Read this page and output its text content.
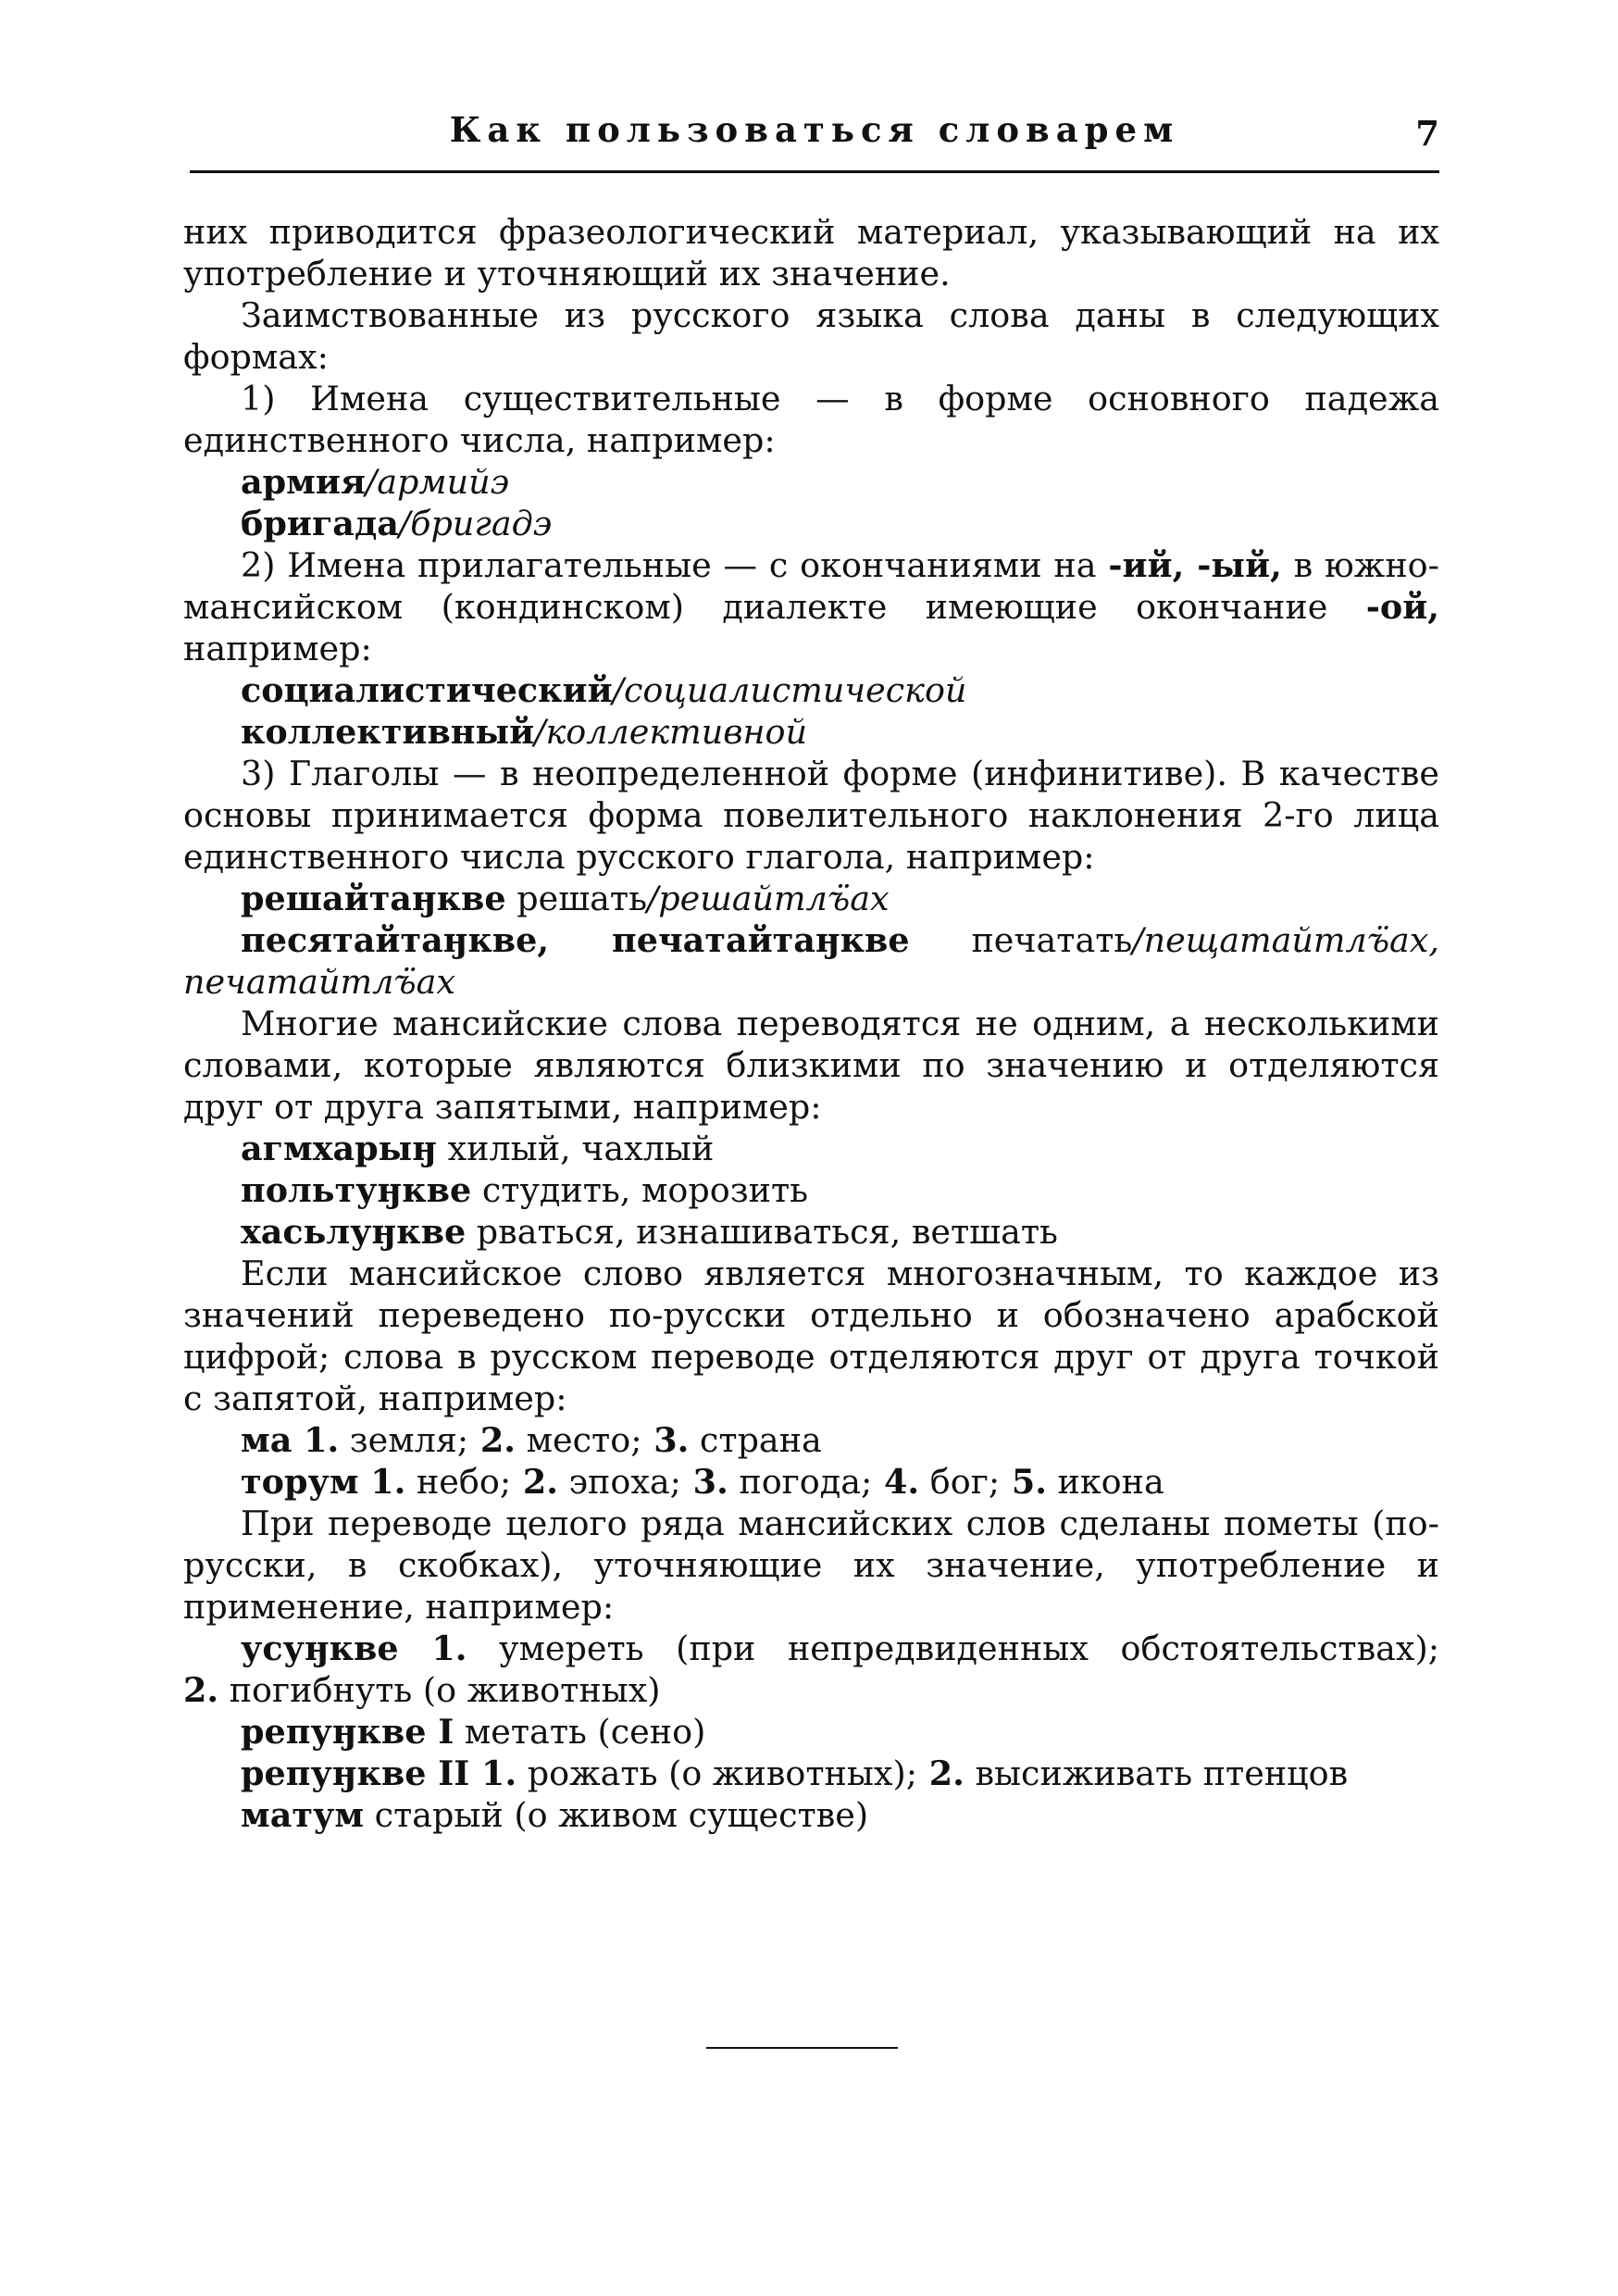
Как пользоваться словарем	7

них приводится фразеологический материал, указывающий на их употребление и уточняющий их значение.

Заимствованные из русского языка слова даны в следующих формах:

1) Имена существительные — в форме основного падежа единственного числа, например:

армия/армийэ

бригада/бригадэ

2) Имена прилагательные — с окончаниями на -ий, -ый, в южно-мансийском (кондинском) диалекте имеющие окончание -ой, например:

социалистический/социалистической

коллективный/коллективной

3) Глаголы — в неопределенной форме (инфинитиве). В качестве основы принимается форма повелительного наклонения 2-го лица единственного числа русского глагола, например:

решайтаӈкве решать/решайтлъ̈ах

песятайтаӈкве, печатайтаӈкве печатать/пещатайтлъ̈ах,

печатайтлъ̈ах

Многие мансийские слова переводятся не одним, а несколькими словами, которые являются близкими по значению и отделяются друг от друга запятыми, например:

агмхарыӈ хилый, чахлый

польтуӈкве студить, морозить

хасьлуӈкве рваться, изнашиваться, ветшать

Если мансийское слово является многозначным, то каждое из значений переведено по-русски отдельно и обозначено арабской цифрой; слова в русском переводе отделяются друг от друга точкой с запятой, например:

ма 1. земля; 2. место; 3. страна

торум 1. небо; 2. эпоха; 3. погода; 4. бог; 5. икона

При переводе целого ряда мансийских слов сделаны пометы (по-русски, в скобках), уточняющие их значение, употребление и применение, например:

усуӈкве 1. умереть (при непредвиденных обстоятельствах);

2. погибнуть (о животных)

репуӈкве I метать (сено)

репуӈкве II 1. рожать (о животных); 2. высиживать птенцов

матум старый (о живом существе)
